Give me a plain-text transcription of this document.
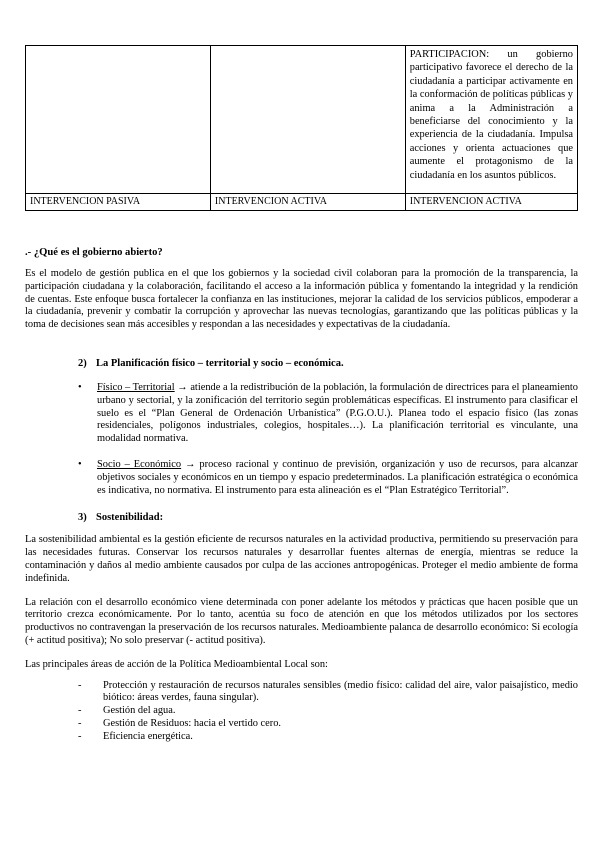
		PARTICIPACION: un gobierno participativo favorece el derecho de la ciudadanía a participar activamente en la conformación de políticas públicas y anima a la Administración a beneficiarse del conocimiento y la experiencia de la ciudadanía. Impulsa acciones y orienta actuaciones que aumente el protagonismo de la ciudadanía en los asuntos públicos.

INTERVENCION PASIVA	INTERVENCION ACTIVA	INTERVENCION ACTIVA
.- ¿Qué es el gobierno abierto?
Es el modelo de gestión publica en el que los gobiernos y la sociedad civil colaboran para la promoción de la transparencia, la participación ciudadana y la colaboración, facilitando el acceso a la información pública y fomentando la integridad y la rendición de cuentas. Este enfoque busca fortalecer la confianza en las instituciones, mejorar la calidad de los servicios públicos, empoderar a la ciudadanía, prevenir y combatir la corrupción y aprovechar las nuevas tecnologías, garantizando que las políticas públicas y la toma de decisiones sean más accesibles y respondan a las necesidades y expectativas de la ciudadanía.
2) La Planificación físico – territorial y socio – económica.
•	Físico – Territorial → atiende a la redistribución de la población, la formulación de directrices para el planeamiento urbano y sectorial, y la zonificación del territorio según problemáticas específicas. El instrumento para clasificar el suelo es el “Plan General de Ordenación Urbanística” (P.G.O.U.). Planea todo el espacio físico (las zonas residenciales, polígonos industriales, colegios, hospitales…). La planificación territorial es vinculante, una modalidad normativa.
•	Socio – Económico → proceso racional y continuo de previsión, organización y uso de recursos, para alcanzar objetivos sociales y económicos en un tiempo y espacio predeterminados. La planificación estratégica o económica es indicativa, no normativa. El instrumento para esta alineación es el “Plan Estratégico Territorial”.
3) Sostenibilidad:
La sostenibilidad ambiental es la gestión eficiente de recursos naturales en la actividad productiva, permitiendo su preservación para las necesidades futuras. Conservar los recursos naturales y desarrollar fuentes alternas de energía, mientras se reduce la contaminación y daños al medio ambiente causados por culpa de las acciones antropogénicas. Proteger el medio ambiente de forma indefinida.
La relación con el desarrollo económico viene determinada con poner adelante los métodos y prácticas que hacen posible que un territorio crezca económicamente. Por lo tanto, acentúa su foco de atención en que los métodos utilizados por los sectores productivos no contravengan la preservación de los recursos naturales. Medioambiente palanca de desarrollo económico: Si ecología (+ actitud positiva); No solo preservar (- actitud positiva).
Las principales áreas de acción de la Política Medioambiental Local son:
-	Protección y restauración de recursos naturales sensibles (medio físico: calidad del aire, valor paisajístico, medio biótico: áreas verdes, fauna singular).
-	Gestión del agua.
-	Gestión de Residuos: hacia el vertido cero.
-	Eficiencia energética.
